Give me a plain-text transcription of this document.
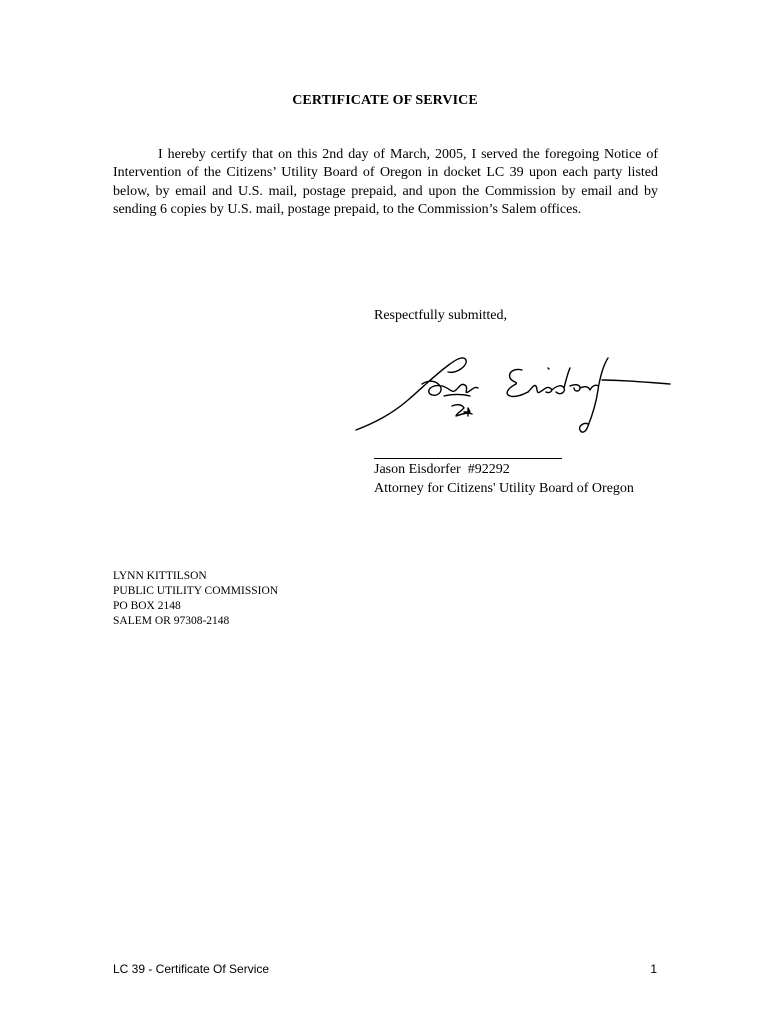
CERTIFICATE OF SERVICE
I hereby certify that on this 2nd day of March, 2005, I served the foregoing Notice of Intervention of the Citizens’ Utility Board of Oregon in docket LC 39 upon each party listed below, by email and U.S. mail, postage prepaid, and upon the Commission by email and by sending 6 copies by U.S. mail, postage prepaid, to the Commission’s Salem offices.
Respectfully submitted,
Jason Eisdorfer  #92292
Attorney for Citizens' Utility Board of Oregon
LYNN KITTILSON
PUBLIC UTILITY COMMISSION
PO BOX 2148
SALEM OR 97308-2148
LC 39 - Certificate Of Service	1
